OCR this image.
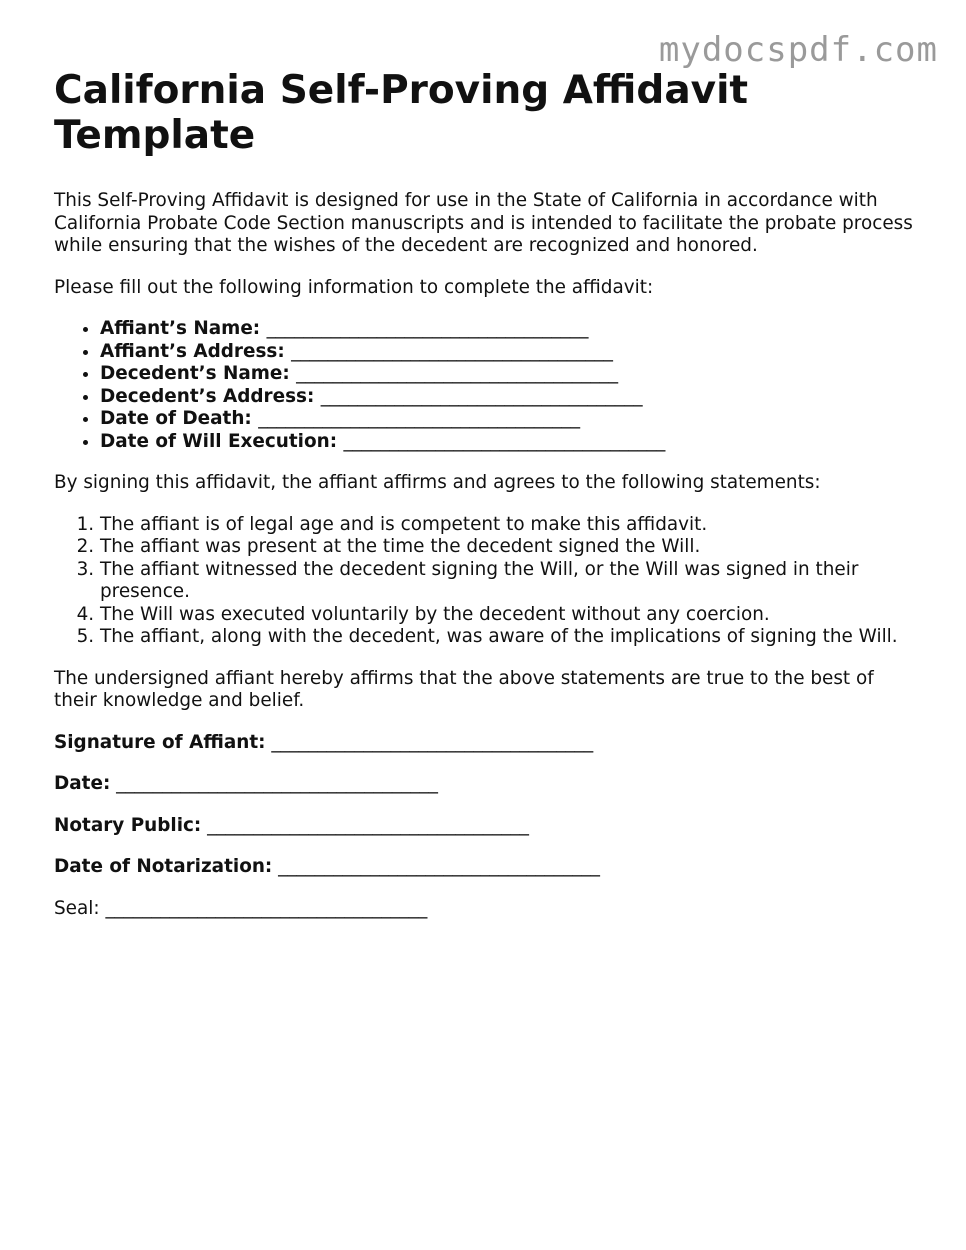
mydocspdf.com
California Self-Proving Affidavit Template

This Self-Proving Affidavit is designed for use in the State of California in accordance with California Probate Code Section manuscripts and is intended to facilitate the probate process while ensuring that the wishes of the decedent are recognized and honored.

Please fill out the following information to complete the affidavit:

• Affiant’s Name: ___________________________________
• Affiant’s Address: ___________________________________
• Decedent’s Name: ___________________________________
• Decedent’s Address: ___________________________________
• Date of Death: ___________________________________
• Date of Will Execution: ___________________________________

By signing this affidavit, the affiant affirms and agrees to the following statements:

1. The affiant is of legal age and is competent to make this affidavit.
2. The affiant was present at the time the decedent signed the Will.
3. The affiant witnessed the decedent signing the Will, or the Will was signed in their presence.
4. The Will was executed voluntarily by the decedent without any coercion.
5. The affiant, along with the decedent, was aware of the implications of signing the Will.

The undersigned affiant hereby affirms that the above statements are true to the best of their knowledge and belief.

Signature of Affiant: ___________________________________
Date: ___________________________________
Notary Public: ___________________________________
Date of Notarization: ___________________________________
Seal: ___________________________________
